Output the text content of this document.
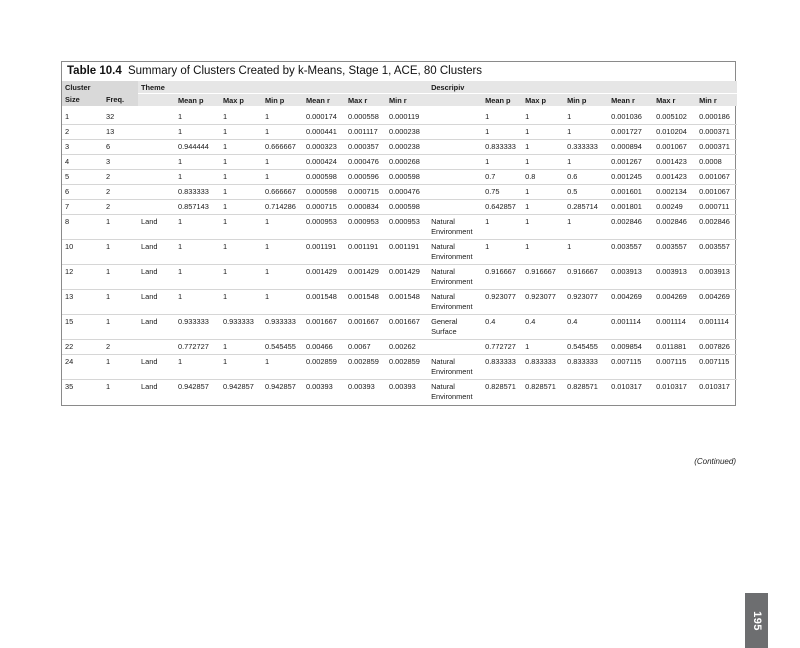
Table 10.4 Summary of Clusters Created by k-Means, Stage 1, ACE, 80 Clusters
Cluster		Theme							Descripiv						
Size	Freq.		Mean p	Max p	Min p	Mean r	Max r	Min r		Mean p	Max p	Min p	Mean r	Max r	Min r
1	32		1	1	1	0.000174	0.000558	0.000119		1	1	1	0.001036	0.005102	0.000186
2	13		1	1	1	0.000441	0.001117	0.000238		1	1	1	0.001727	0.010204	0.000371
3	6		0.944444	1	0.666667	0.000323	0.000357	0.000238		0.833333	1	0.333333	0.000894	0.001067	0.000371
4	3		1	1	1	0.000424	0.000476	0.000268		1	1	1	0.001267	0.001423	0.0008
5	2		1	1	1	0.000598	0.000596	0.000598		0.7	0.8	0.6	0.001245	0.001423	0.001067
6	2		0.833333	1	0.666667	0.000598	0.000715	0.000476		0.75	1	0.5	0.001601	0.002134	0.001067
7	2		0.857143	1	0.714286	0.000715	0.000834	0.000598		0.642857	1	0.285714	0.001801	0.00249	0.000711
8	1	Land	1	1	1	0.000953	0.000953	0.000953	Natural Environment	1	1	1	0.002846	0.002846	0.002846
10	1	Land	1	1	1	0.001191	0.001191	0.001191	Natural Environment	1	1	1	0.003557	0.003557	0.003557
12	1	Land	1	1	1	0.001429	0.001429	0.001429	Natural Environment	0.916667	0.916667	0.916667	0.003913	0.003913	0.003913
13	1	Land	1	1	1	0.001548	0.001548	0.001548	Natural Environment	0.923077	0.923077	0.923077	0.004269	0.004269	0.004269
15	1	Land	0.933333	0.933333	0.933333	0.001667	0.001667	0.001667	General Surface	0.4	0.4	0.4	0.001114	0.001114	0.001114
22	2		0.772727	1	0.545455	0.00466	0.0067	0.00262		0.772727	1	0.545455	0.009854	0.011881	0.007826
24	1	Land	1	1	1	0.002859	0.002859	0.002859	Natural Environment	0.833333	0.833333	0.833333	0.007115	0.007115	0.007115
35	1	Land	0.942857	0.942857	0.942857	0.00393	0.00393	0.00393	Natural Environment	0.828571	0.828571	0.828571	0.010317	0.010317	0.010317
(Continued)
195
